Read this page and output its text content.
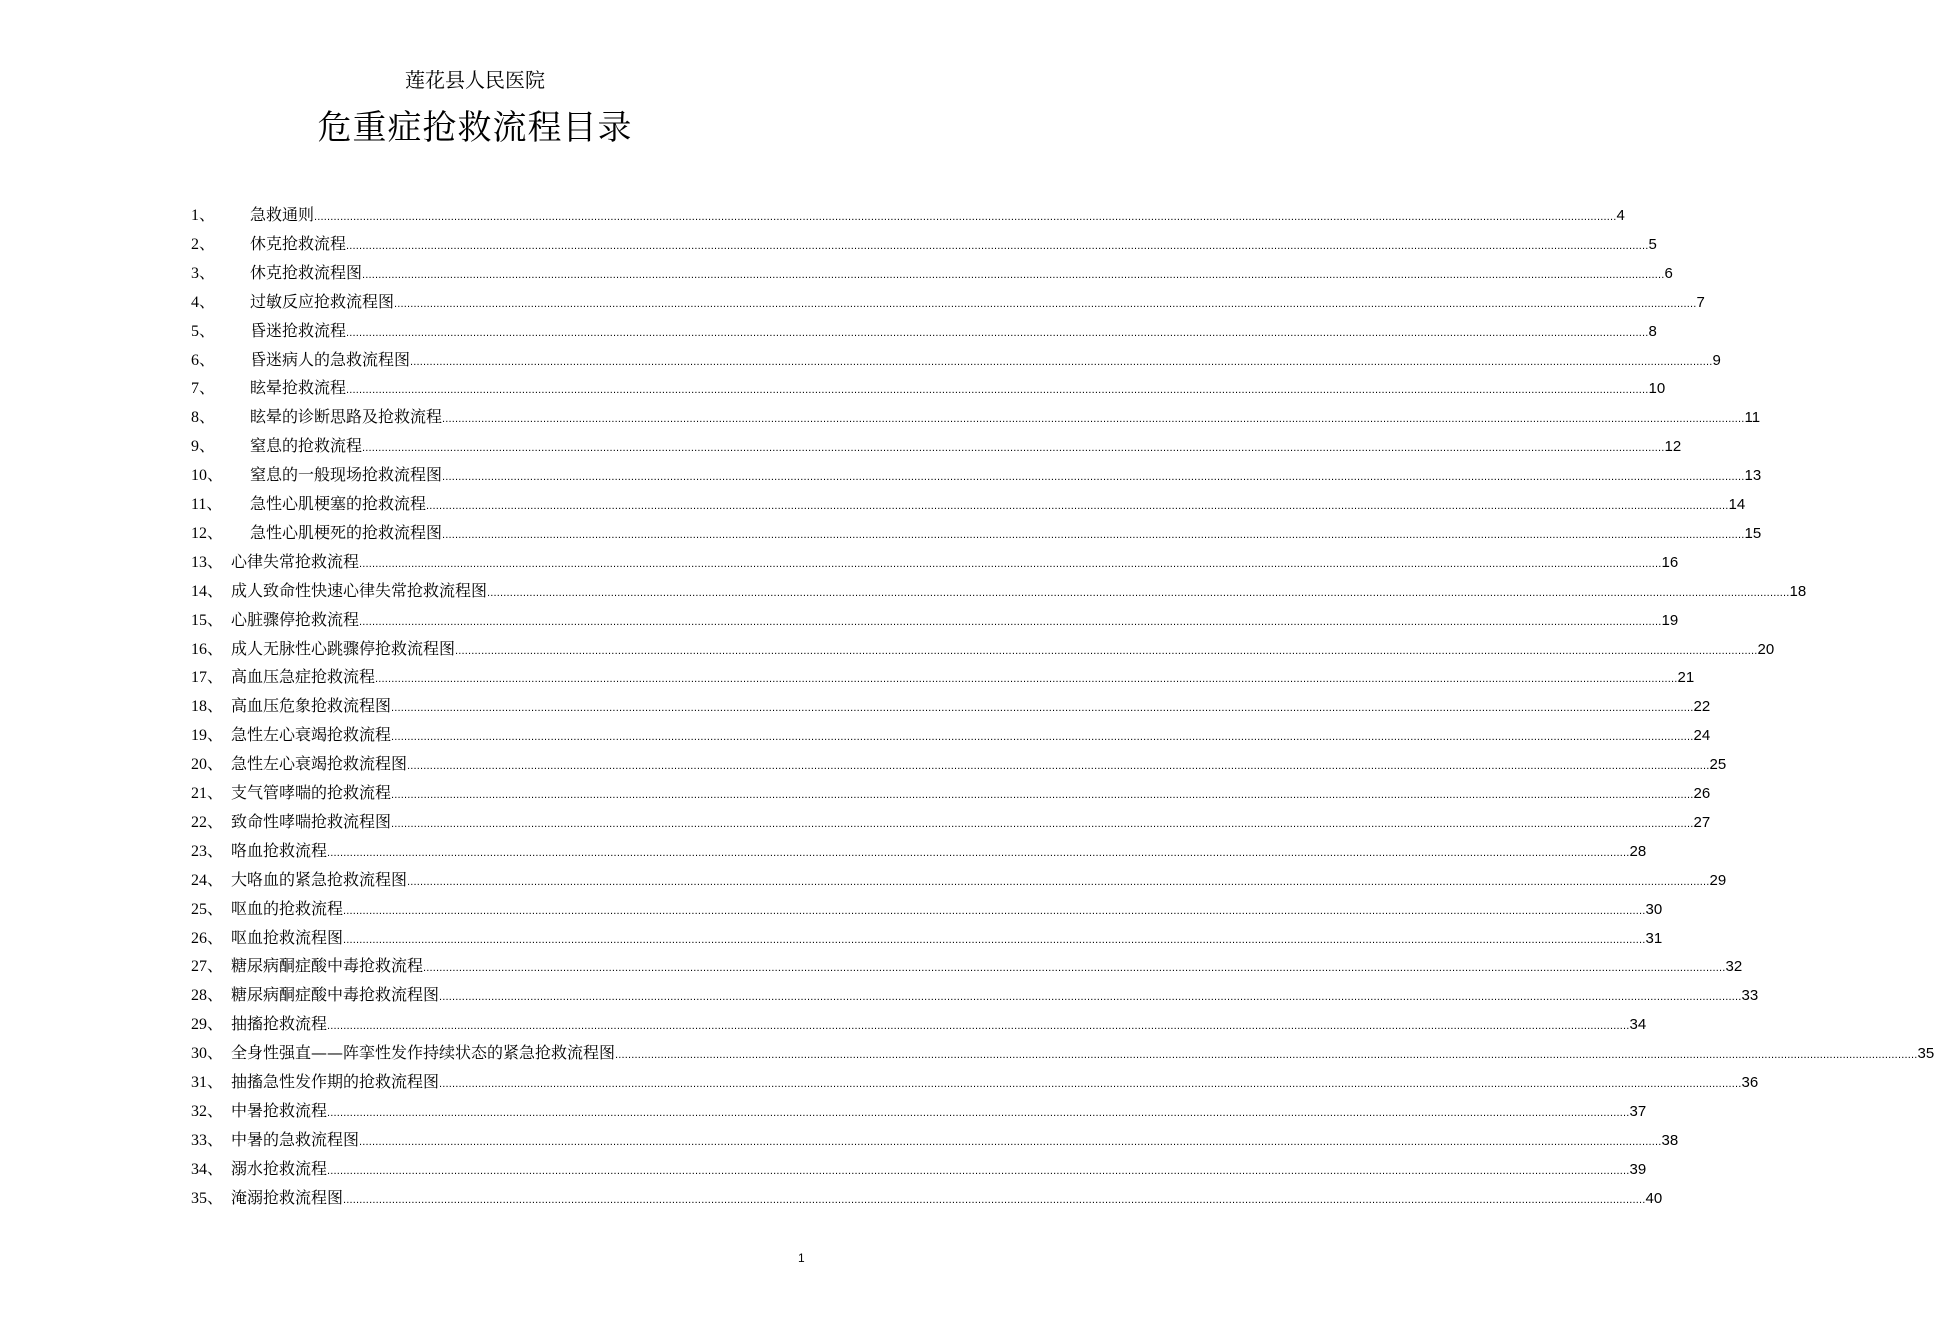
莲花县人民医院
危重症抢救流程目录
1、	急救通则 ................................................................................................................................................................................................................................................................................................................................................................................................................ 4
2、	休克抢救流程 ................................................................................................................................................................................................................................................................................................................................................................................................................ 5
3、	休克抢救流程图 ................................................................................................................................................................................................................................................................................................................................................................................................................ 6
4、	过敏反应抢救流程图 ................................................................................................................................................................................................................................................................................................................................................................................................................ 7
5、	昏迷抢救流程 ................................................................................................................................................................................................................................................................................................................................................................................................................ 8
6、	昏迷病人的急救流程图 ................................................................................................................................................................................................................................................................................................................................................................................................................ 9
7、	眩晕抢救流程 ................................................................................................................................................................................................................................................................................................................................................................................................................ 10
8、	眩晕的诊断思路及抢救流程 ................................................................................................................................................................................................................................................................................................................................................................................................................ 11
9、	窒息的抢救流程 ................................................................................................................................................................................................................................................................................................................................................................................................................ 12
10、	窒息的一般现场抢救流程图 ................................................................................................................................................................................................................................................................................................................................................................................................................ 13
11、	急性心肌梗塞的抢救流程 ................................................................................................................................................................................................................................................................................................................................................................................................................ 14
12、	急性心肌梗死的抢救流程图 ................................................................................................................................................................................................................................................................................................................................................................................................................ 15
13、 心律失常抢救流程 ................................................................................................................................................................................................................................................................................................................................................................................................................ 16
14、 成人致命性快速心律失常抢救流程图 ................................................................................................................................................................................................................................................................................................................................................................................................................ 18
15、 心脏骤停抢救流程 ................................................................................................................................................................................................................................................................................................................................................................................................................ 19
16、 成人无脉性心跳骤停抢救流程图 ................................................................................................................................................................................................................................................................................................................................................................................................................ 20
17、 高血压急症抢救流程 ................................................................................................................................................................................................................................................................................................................................................................................................................ 21
18、 高血压危象抢救流程图 ................................................................................................................................................................................................................................................................................................................................................................................................................ 22
19、 急性左心衰竭抢救流程 ................................................................................................................................................................................................................................................................................................................................................................................................................ 24
20、 急性左心衰竭抢救流程图 ................................................................................................................................................................................................................................................................................................................................................................................................................ 25
21、 支气管哮喘的抢救流程 ................................................................................................................................................................................................................................................................................................................................................................................................................ 26
22、 致命性哮喘抢救流程图 ................................................................................................................................................................................................................................................................................................................................................................................................................ 27
23、 咯血抢救流程 ................................................................................................................................................................................................................................................................................................................................................................................................................ 28
24、 大咯血的紧急抢救流程图 ................................................................................................................................................................................................................................................................................................................................................................................................................ 29
25、 呕血的抢救流程 ................................................................................................................................................................................................................................................................................................................................................................................................................ 30
26、 呕血抢救流程图 ................................................................................................................................................................................................................................................................................................................................................................................................................ 31
27、 糖尿病酮症酸中毒抢救流程 ................................................................................................................................................................................................................................................................................................................................................................................................................ 32
28、 糖尿病酮症酸中毒抢救流程图 ................................................................................................................................................................................................................................................................................................................................................................................................................ 33
29、 抽搐抢救流程 ................................................................................................................................................................................................................................................................................................................................................................................................................ 34
30、 全身性强直——阵挛性发作持续状态的紧急抢救流程图 ................................................................................................................................................................................................................................................................................................................................................................................................................ 35
31、 抽搐急性发作期的抢救流程图 ................................................................................................................................................................................................................................................................................................................................................................................................................ 36
32、 中暑抢救流程 ................................................................................................................................................................................................................................................................................................................................................................................................................ 37
33、 中暑的急救流程图 ................................................................................................................................................................................................................................................................................................................................................................................................................ 38
34、 溺水抢救流程 ................................................................................................................................................................................................................................................................................................................................................................................................................ 39
35、 淹溺抢救流程图 ................................................................................................................................................................................................................................................................................................................................................................................................................ 40
1
